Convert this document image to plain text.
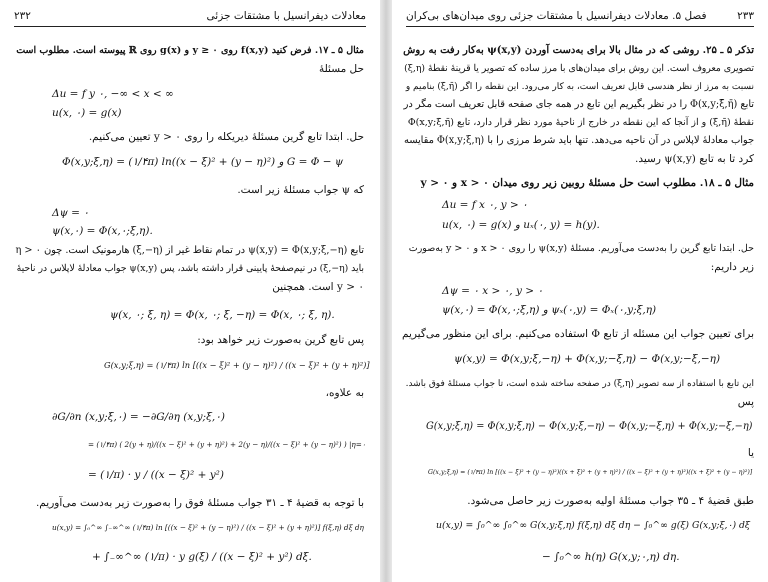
۲۳۲	معادلات دیفرانسیل با مشتقات جزئی
مثال ۵ ـ ۱۷. فرض کنید f(x,y) روی y ≥ ۰ و g(x) روی ℝ پیوسته است. مطلوب است
حل مسئلهٔ
Δu = f y ۰, −∞ < x < ∞
u(x, ۰) = g(x)
حل. ابتدا تابع گرین مسئلهٔ دیریکله را روی y > ۰ تعیین می‌کنیم.
Φ(x,y;ξ,η) = (۱/۴π) ln((x − ξ)² + (y − η)²) و G = Φ − ψ
که ψ جواب مسئلهٔ زیر است.
Δψ = ۰
ψ(x,۰) = Φ(x,۰;ξ,η).
تابع ψ(x,y) = Φ(x,y;ξ,−η) در تمام نقاط غیر از (ξ,−η) هارمونیک است. چون η > ۰
باید (ξ,−η) در نیم‌صفحهٔ پایینی قرار داشته باشد، پس ψ(x,y) جواب معادلهٔ لاپلاس در ناحیهٔ
y > ۰ است. همچنین
ψ(x, ۰; ξ, η) = Φ(x, ۰; ξ, −η) = Φ(x, ۰; ξ, η).
پس تابع گرین به‌صورت زیر خواهد بود:
G(x,y;ξ,η) = (۱/۴π) ln [((x − ξ)² + (y − η)²) / ((x − ξ)² + (y + η)²)]
به علاوه،
∂G/∂n (x,y;ξ,۰) = −∂G/∂η (x,y;ξ,۰)
= (۱/۴π) ( 2(y + η)/((x − ξ)² + (y + η)²) + 2(y − η)/((x − ξ)² + (y − η)²) ) |η=۰
= (۱/π) · y / ((x − ξ)² + y²)
با توجه به قضیهٔ ۴ ـ ۳۱ جواب مسئلهٔ فوق را به‌صورت زیر به‌دست می‌آوریم.
u(x,y) = ∫₀^∞ ∫₋∞^∞ (۱/۴π) ln [((x − ξ)² + (y − η)²) / ((x − ξ)² + (y + η)²)] f(ξ,η) dξ dη
+ ∫₋∞^∞ (۱/π) · y g(ξ) / ((x − ξ)² + y²) dξ.
فصل ۵. معادلات دیفرانسیل با مشتقات جزئی روی میدان‌های بی‌کران	۲۳۳
تذکر ۵ ـ ۲۵. روشی که در مثال بالا برای به‌دست آوردن ψ(x,y) به‌کار رفت به روش
تصویری معروف است. این روش برای میدان‌های با مرز ساده که تصویر یا قرینهٔ نقطهٔ (ξ,η)
نسبت به مرز از نظر هندسی قابل تعریف است، به کار می‌رود. این نقطه را اگر (ξ̄,η̄) بنامیم و
تابع Φ(x,y;ξ̄,η̄) را در نظر بگیریم این تابع در همه جای صفحه قابل تعریف است مگر در
نقطهٔ (ξ̄,η̄) و از آنجا که این نقطه در خارج از ناحیهٔ مورد نظر قرار دارد، تابع Φ(x,y;ξ̄,η̄)
جواب معادلهٔ لاپلاس در آن ناحیه می‌دهد. تنها باید شرط مرزی را با Φ(x,y;ξ,η) مقایسه
کرد تا به تابع ψ(x,y) رسید.
مثال ۵ ـ ۱۸. مطلوب است حل مسئلهٔ روبین زیر روی میدان x > ۰ و y > ۰
Δu = f x ۰, y > ۰
u(x, ۰) = g(x) و uₓ(۰, y) = h(y).
حل. ابتدا تابع گرین را به‌دست می‌آوریم. مسئلهٔ ψ(x,y) را روی x > ۰ و y > ۰ به‌صورت
زیر داریم:
Δψ = ۰ x > ۰, y > ۰
ψ(x,۰) = Φ(x,۰;ξ,η) و ψₓ(۰,y) = Φₓ(۰,y;ξ,η)
برای تعیین جواب این مسئله از تابع Φ استفاده می‌کنیم. برای این منظور می‌گیریم
ψ(x,y) = Φ(x,y;ξ,−η) + Φ(x,y;−ξ,η) − Φ(x,y;−ξ,−η)
این تابع با استفاده از سه تصویر (ξ,η) در صفحه ساخته شده است، تا جواب مسئلهٔ فوق باشد.
پس
G(x,y;ξ,η) = Φ(x,y;ξ,η) − Φ(x,y;ξ,−η) − Φ(x,y;−ξ,η) + Φ(x,y;−ξ,−η)
یا
G(x,y;ξ,η) = (۱/۴π) ln [((x − ξ)² + (y − η)²)((x + ξ)² + (y + η)²) / ((x − ξ)² + (y + η)²)((x + ξ)² + (y − η)²)]
طبق قضیهٔ ۴ ـ ۳۵ جواب مسئلهٔ اولیه به‌صورت زیر حاصل می‌شود.
u(x,y) = ∫₀^∞ ∫₀^∞ G(x,y;ξ,η) f(ξ,η) dξ dη − ∫₀^∞ g(ξ) G(x,y;ξ,۰) dξ
− ∫₀^∞ h(η) G(x,y;۰,η) dη.
